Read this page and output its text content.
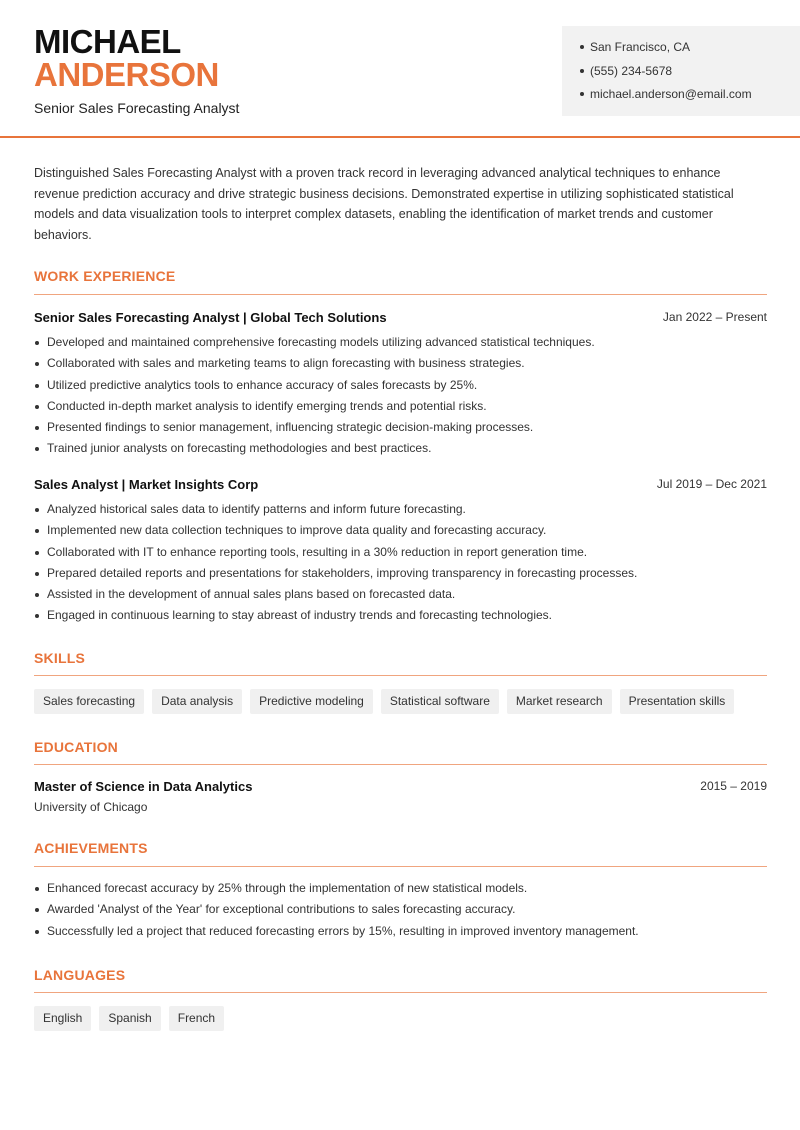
MICHAEL
ANDERSON
Senior Sales Forecasting Analyst
San Francisco, CA
(555) 234-5678
michael.anderson@email.com

Distinguished Sales Forecasting Analyst with a proven track record in leveraging advanced analytical techniques to enhance revenue prediction accuracy and drive strategic business decisions. Demonstrated expertise in utilizing sophisticated statistical models and data visualization tools to interpret complex datasets, enabling the identification of market trends and customer behaviors.

WORK EXPERIENCE
Senior Sales Forecasting Analyst | Global Tech Solutions	Jan 2022 – Present
Developed and maintained comprehensive forecasting models utilizing advanced statistical techniques.
Collaborated with sales and marketing teams to align forecasting with business strategies.
Utilized predictive analytics tools to enhance accuracy of sales forecasts by 25%.
Conducted in-depth market analysis to identify emerging trends and potential risks.
Presented findings to senior management, influencing strategic decision-making processes.
Trained junior analysts on forecasting methodologies and best practices.
Sales Analyst | Market Insights Corp	Jul 2019 – Dec 2021
Analyzed historical sales data to identify patterns and inform future forecasting.
Implemented new data collection techniques to improve data quality and forecasting accuracy.
Collaborated with IT to enhance reporting tools, resulting in a 30% reduction in report generation time.
Prepared detailed reports and presentations for stakeholders, improving transparency in forecasting processes.
Assisted in the development of annual sales plans based on forecasted data.
Engaged in continuous learning to stay abreast of industry trends and forecasting technologies.
SKILLS
Sales forecasting	Data analysis	Predictive modeling	Statistical software	Market research	Presentation skills
EDUCATION
Master of Science in Data Analytics
University of Chicago
2015 – 2019
ACHIEVEMENTS
Enhanced forecast accuracy by 25% through the implementation of new statistical models.
Awarded 'Analyst of the Year' for exceptional contributions to sales forecasting accuracy.
Successfully led a project that reduced forecasting errors by 15%, resulting in improved inventory management.
LANGUAGES
English	Spanish	French
